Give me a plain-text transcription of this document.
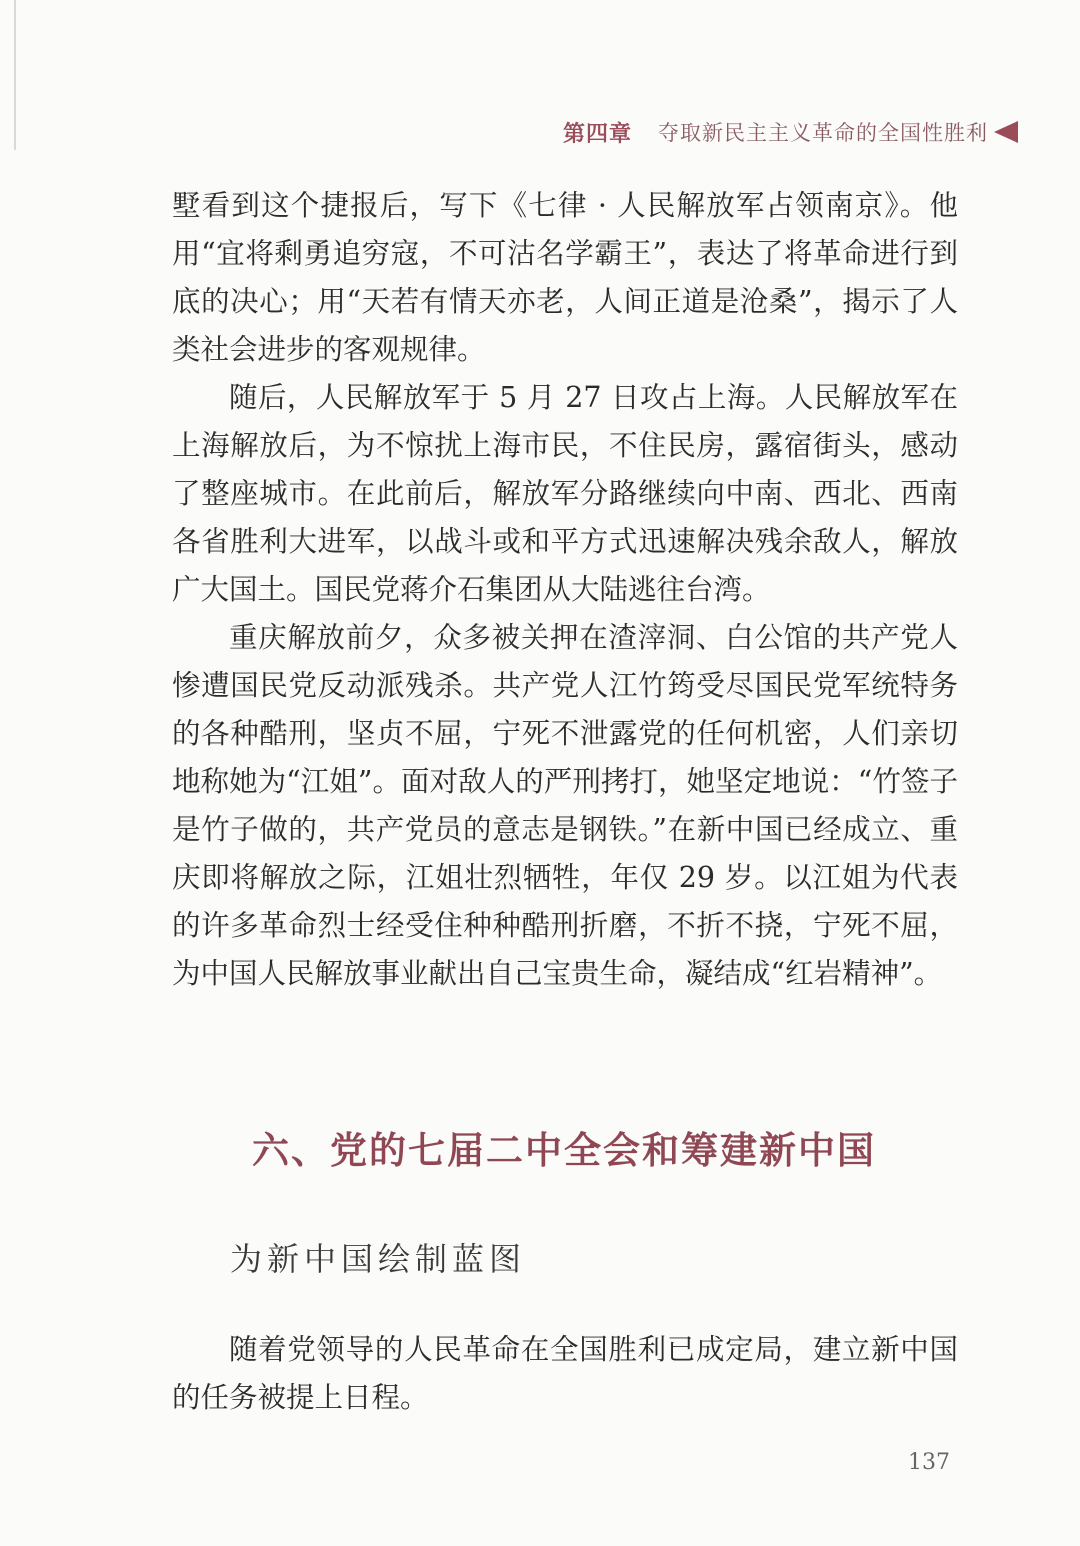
第四章 夺取新民主主义革命的全国性胜利

墅看到这个捷报后，写下《七律 · 人民解放军占领南京》。他用“宜将剩勇追穷寇，不可沽名学霸王”，表达了将革命进行到底的决心；用“天若有情天亦老，人间正道是沧桑”，揭示了人类社会进步的客观规律。

随后，人民解放军于 5 月 27 日攻占上海。人民解放军在上海解放后，为不惊扰上海市民，不住民房，露宿街头，感动了整座城市。在此前后，解放军分路继续向中南、西北、西南各省胜利大进军，以战斗或和平方式迅速解决残余敌人，解放广大国土。国民党蒋介石集团从大陆逃往台湾。

重庆解放前夕，众多被关押在渣滓洞、白公馆的共产党人惨遭国民党反动派残杀。共产党人江竹筠受尽国民党军统特务的各种酷刑，坚贞不屈，宁死不泄露党的任何机密，人们亲切地称她为“江姐”。面对敌人的严刑拷打，她坚定地说：“竹签子是竹子做的，共产党员的意志是钢铁。”在新中国已经成立、重庆即将解放之际，江姐壮烈牺牲，年仅 29 岁。以江姐为代表的许多革命烈士经受住种种酷刑折磨，不折不挠，宁死不屈，为中国人民解放事业献出自己宝贵生命，凝结成“红岩精神”。

六、党的七届二中全会和筹建新中国
为新中国绘制蓝图

随着党领导的人民革命在全国胜利已成定局，建立新中国的任务被提上日程。

137
